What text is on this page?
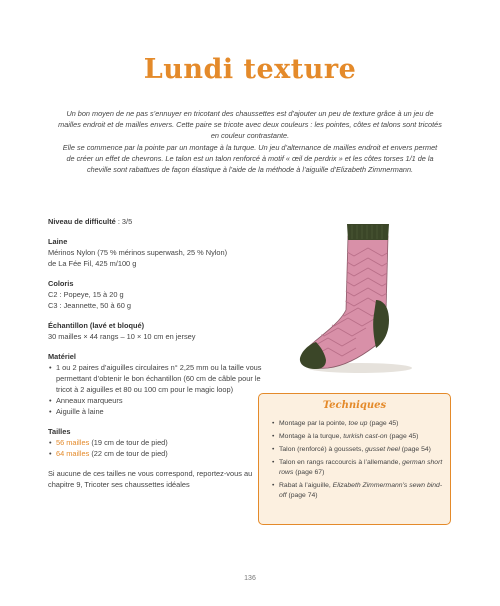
Lundi texture

Un bon moyen de ne pas s’ennuyer en tricotant des chaussettes est d’ajouter un peu de texture grâce à un jeu de mailles endroit et de mailles envers. Cette paire se tricote avec deux couleurs : les pointes, côtes et talons sont tricotés en couleur contrastante.

Elle se commence par la pointe par un montage à la turque. Un jeu d’alternance de mailles endroit et envers permet de créer un effet de chevrons. Le talon est un talon renforcé à motif « œil de perdrix » et les côtes torses 1/1 de la cheville sont rabattues de façon élastique à l’aide de la méthode à l’aiguille d’Elizabeth Zimmermann.

Niveau de difficulté : 3/5
Laine
Mérinos Nylon (75 % mérinos superwash, 25 % Nylon)
de La Fée Fil, 425 m/100 g
Coloris
C2 : Popeye, 15 à 20 g
C3 : Jeannette, 50 à 60 g
Échantillon (lavé et bloqué)
30 mailles × 44 rangs – 10 × 10 cm en jersey
Matériel
• 1 ou 2 paires d’aiguilles circulaires n° 2,25 mm ou la taille vous permettant d’obtenir le bon échantillon (60 cm de câble pour le tricot à 2 aiguilles et 80 ou 100 cm pour le magic loop)
• Anneaux marqueurs
• Aiguille à laine
Tailles
• 56 mailles (19 cm de tour de pied)
• 64 mailles (22 cm de tour de pied)
Si aucune de ces tailles ne vous correspond, reportez-vous au chapitre 9, Tricoter ses chaussettes idéales
Techniques
• Montage par la pointe, toe up (page 45)
• Montage à la turque, turkish cast-on (page 45)
• Talon (renforcé) à goussets, gusset heel (page 54)
• Talon en rangs raccourcis à l’allemande, german short rows (page 67)
• Rabat à l’aiguille, Elizabeth Zimmermann’s sewn bind-off (page 74)
136
